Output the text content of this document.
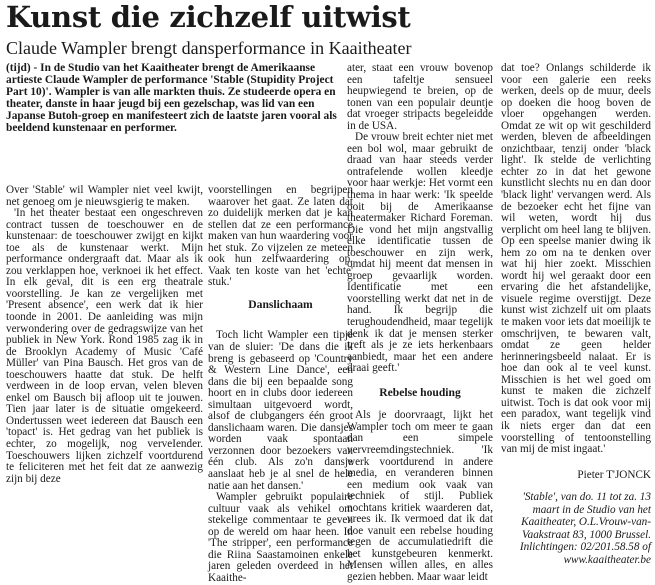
Kunst die zichzelf uitwist
Claude Wampler brengt dansperformance in Kaaitheater

(tijd) - In de Studio van het Kaaitheater brengt de Amerikaanse artieste Claude Wampler de performance 'Stable (Stupidity Project Part 10)'. Wampler is van alle markten thuis. Ze studeerde opera en theater, danste in haar jeugd bij een gezelschap, was lid van een Japanse Butoh-groep en manifesteert zich de laatste jaren vooral als beeldend kunstenaar en performer.

Over 'Stable' wil Wampler niet veel kwijt, net genoeg om je nieuwsgierig te maken.

'In het theater bestaat een ongeschreven contract tussen de toeschouwer en de kunstenaar: de toeschouwer zwijgt en kijkt toe als de kunstenaar werkt. Mijn performance ondergraaft dat. Maar als ik zou verklappen hoe, verknoei ik het effect. In elk geval, dit is een erg theatrale voorstelling. Je kan ze vergelijken met 'Present absence', een werk dat ik hier toonde in 2001. De aanleiding was mijn verwondering over de gedragswijze van het publiek in New York. Rond 1985 zag ik in de Brooklyn Academy of Music 'Café Müller' van Pina Bausch. Het gros van de toeschouwers haatte dat stuk. De helft verdween in de loop ervan, velen bleven enkel om Bausch bij afloop uit te jouwen. Tien jaar later is de situatie omgekeerd. Ondertussen weet iedereen dat Bausch een 'topact' is. Het gedrag van het publiek is echter, zo mogelijk, nog verveIender. Toeschouwers lijken zichzelf voortdurend te feliciteren met het feit dat ze aanwezig zijn bij deze

voorstellingen en begrijpen waarover het gaat. Ze laten dat zo duidelijk merken dat je kan stellen dat ze een performance maken van hun waardering voor het stuk. Zo vijzelen ze meteen ook hun zelfwaardering op. Vaak ten koste van het 'echte' stuk.'

Danslichaam

Toch licht Wampler een tipje van de sluier: 'De dans die ik breng is gebaseerd op 'Country & Western Line Dance', een dans die bij een bepaalde song hoort en in clubs door iedereen simultaan uitgevoerd wordt, alsof de clubgangers één groot danslichaam waren. Die dansjes worden vaak spontaan verzonnen door bezoekers van één club. Als zo'n dansje aanslaat heb je al snel de hele natie aan het dansen.'

Wampler gebruikt populaire cultuur vaak als vehikel om stekelige commentaar te geven op de wereld om haar heen. In 'The stripper', een performance die Riina Saastamoinen enkele jaren geleden overdeed in het Kaaithe-

ater, staat een vrouw bovenop een tafeltje sensueel heupwiegend te breien, op de tonen van een populair deuntje dat vroeger stripacts begeleidde in de USA.

De vrouw breit echter niet met een bol wol, maar gebruikt de draad van haar steeds verder ontrafelende wollen kleedje voor haar werkje: Het vormt een thema in haar werk: 'Ik speelde ooit bij de Amerikaanse theatermaker Richard Foreman. Die vond het mijn angstvallig elke identificatie tussen de toeschouwer en zijn werk, omdat hij meent dat mensen in groep gevaarlijk worden. Identificatie met een voorstelling werkt dat net in de hand. Ik begrijp die terughoudendheid, maar tegelijk denk ik dat je mensen sterker treft als je ze iets herkenbaars aanbiedt, maar het een andere draai geeft.'

Rebelse houding

Als je doorvraagt, lijkt het Wampler toch om meer te gaan dan een simpele vervreemdingstechniek. 'Ik werk voortdurend in andere media, en veranderen binnen een medium ook vaak van techniek of stijl. Publiek nochtans kritiek waarderen dat, vrees ik. Ik vermoed dat ik dat doe vanuit een rebelse houding tegen de accumulatiedrift die het kunstgebeuren kenmerkt. Mensen willen alles, en alles gezien hebben. Maar waar leidt

dat toe? Onlangs schilderde ik voor een galerie een reeks werken, deels op de muur, deels op doeken die hoog boven de vloer opgehangen werden. Omdat ze wit op wit geschilderd werden, bleven de afbeeldingen onzichtbaar, tenzij onder 'black light'. Ik stelde de verlichting echter zo in dat het gewone kunstlicht slechts nu en dan door 'black light' vervangen werd. Als de bezoeker echt het fijne van wil weten, wordt hij dus verplicht om heel lang te blijven. Op een speelse manier dwing ik hem zo om na te denken over wat hij hier zoekt. Misschien wordt hij wel geraakt door een ervaring die het afstandelijke, visuele regime overstijgt. Deze kunst wist zichzelf uit om plaats te maken voor iets dat moeilijk te omschrijven, te bewaren valt, omdat ze geen helder herinneringsbeeld nalaat. Er is hoe dan ook al te veel kunst. Misschien is het wel goed om kunst te maken die zichzelf uitwist. Toch is dat ook voor mij een paradox, want tegelijk vind ik niets erger dan dat een voorstelling of tentoonstelling van mij de mist ingaat.'

Pieter T'JONCK

'Stable', van do. 11 tot za. 13 maart in de Studio van het Kaaitheater, O.L.Vrouw-van-Vaakstraat 83, 1000 Brussel. Inlichtingen: 02/201.58.58 of www.kaaitheater.be
